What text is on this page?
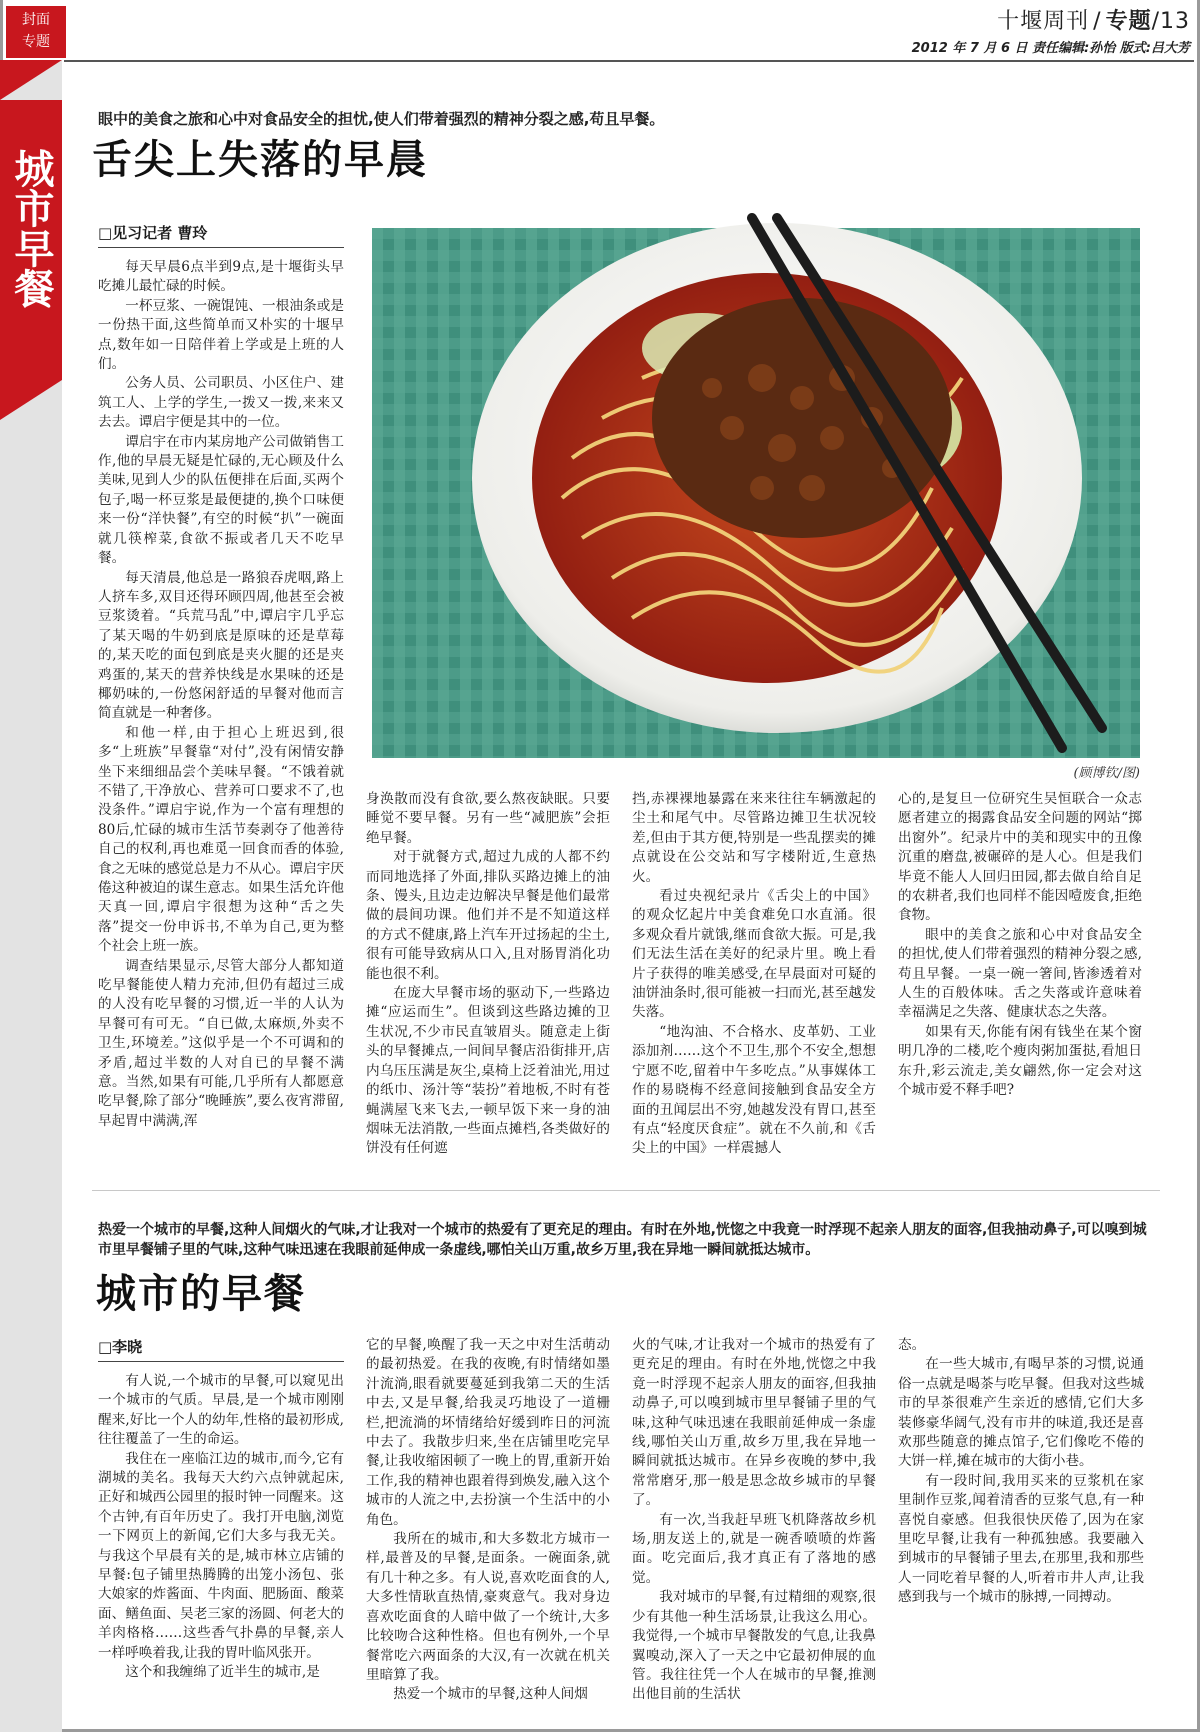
封面
专题
十堰周刊 / 专题/13
2012 年 7 月 6 日 责任编辑:孙怡 版式:吕大芳
城市早餐
眼中的美食之旅和心中对食品安全的担忧,使人们带着强烈的精神分裂之感,苟且早餐。
舌尖上失落的早晨
□见习记者 曹玲
(顾博钦/图)

每天早晨6点半到9点,是十堰街头早吃摊儿最忙碌的时候。

一杯豆浆、一碗馄饨、一根油条或是一份热干面,这些简单而又朴实的十堰早点,数年如一日陪伴着上学或是上班的人们。

公务人员、公司职员、小区住户、建筑工人、上学的学生,一拨又一拨,来来又去去。谭启宇便是其中的一位。

谭启宇在市内某房地产公司做销售工作,他的早晨无疑是忙碌的,无心顾及什么美味,见到人少的队伍便排在后面,买两个包子,喝一杯豆浆是最便捷的,换个口味便来一份“洋快餐”,有空的时候“扒”一碗面就几筷榨菜,食欲不振或者几天不吃早餐。

每天清晨,他总是一路狼吞虎咽,路上人挤车多,双目还得环顾四周,他甚至会被豆浆烫着。“兵荒马乱”中,谭启宇几乎忘了某天喝的牛奶到底是原味的还是草莓的,某天吃的面包到底是夹火腿的还是夹鸡蛋的,某天的营养快线是水果味的还是椰奶味的,一份悠闲舒适的早餐对他而言简直就是一种奢侈。

和他一样,由于担心上班迟到,很多“上班族”早餐靠“对付”,没有闲情安静坐下来细细品尝个美味早餐。“不饿着就不错了,干净放心、营养可口要求不了,也没条件。”谭启宇说,作为一个富有理想的80后,忙碌的城市生活节奏剥夺了他善待自己的权利,再也难觅一回食而香的体验,食之无味的感觉总是力不从心。谭启宇厌倦这种被迫的谋生意志。如果生活允许他天真一回,谭启宇很想为这种“舌之失落”提交一份申诉书,不单为自己,更为整个社会上班一族。

调查结果显示,尽管大部分人都知道吃早餐能使人精力充沛,但仍有超过三成的人没有吃早餐的习惯,近一半的人认为早餐可有可无。“自已做,太麻烦,外卖不卫生,环境差。”这似乎是一个不可调和的矛盾,超过半数的人对自已的早餐不满意。当然,如果有可能,几乎所有人都愿意吃早餐,除了部分“晚睡族”,要么夜宵滞留,早起胃中满满,浑

身涣散而没有食欲,要么熬夜缺眠。只要睡觉不要早餐。另有一些“减肥族”会拒绝早餐。

对于就餐方式,超过九成的人都不约而同地选择了外面,排队买路边摊上的油条、馒头,且边走边解决早餐是他们最常做的晨间功课。他们并不是不知道这样的方式不健康,路上汽车开过扬起的尘土,很有可能导致病从口入,且对肠胃消化功能也很不利。

在庞大早餐市场的驱动下,一些路边摊“应运而生”。但谈到这些路边摊的卫生状况,不少市民直皱眉头。随意走上街头的早餐摊点,一间间早餐店沿街排开,店内乌压压满是灰尘,桌椅上泛着油光,用过的纸巾、汤汁等“装扮”着地板,不时有苍蝇满屋飞来飞去,一顿早饭下来一身的油烟味无法消散,一些面点摊档,各类做好的饼没有任何遮

挡,赤裸裸地暴露在来来往往车辆激起的尘土和尾气中。尽管路边摊卫生状况较差,但由于其方便,特别是一些乱摆卖的摊点就设在公交站和写字楼附近,生意热火。

看过央视纪录片《舌尖上的中国》的观众忆起片中美食难免口水直涌。很多观众看片就饿,继而食欲大振。可是,我们无法生活在美好的纪录片里。晚上看片子获得的唯美感受,在早晨面对可疑的油饼油条时,很可能被一扫而光,甚至越发失落。

“地沟油、不合格水、皮革奶、工业添加剂……这个不卫生,那个不安全,想想宁愿不吃,留着中午多吃点。”从事媒体工作的易晓梅不经意间接触到食品安全方面的丑闻层出不穷,她越发没有胃口,甚至有点“轻度厌食症”。就在不久前,和《舌尖上的中国》一样震撼人

心的,是复旦一位研究生吴恒联合一众志愿者建立的揭露食品安全问题的网站“掷出窗外”。纪录片中的美和现实中的丑像沉重的磨盘,被碾碎的是人心。但是我们毕竟不能人人回归田园,都去做自给自足的农耕者,我们也同样不能因噎废食,拒绝食物。

眼中的美食之旅和心中对食品安全的担忧,使人们带着强烈的精神分裂之感,苟且早餐。一桌一碗一箸间,皆渗透着对人生的百般体味。舌之失落或许意味着幸福满足之失落、健康状态之失落。

如果有天,你能有闲有钱坐在某个窗明几净的二楼,吃个瘦肉粥加蛋挞,看旭日东升,彩云流走,美女翩然,你一定会对这个城市爱不释手吧?

热爱一个城市的早餐,这种人间烟火的气味,才让我对一个城市的热爱有了更充足的理由。有时在外地,恍惚之中我竟一时浮现不起亲人朋友的面容,但我抽动鼻子,可以嗅到城市里早餐铺子里的气味,这种气味迅速在我眼前延伸成一条虚线,哪怕关山万重,故乡万里,我在异地一瞬间就抵达城市。
城市的早餐
□李晓

有人说,一个城市的早餐,可以窥见出一个城市的气质。早晨,是一个城市刚刚醒来,好比一个人的幼年,性格的最初形成,往往覆盖了一生的命运。

我住在一座临江边的城市,而今,它有湖城的美名。我每天大约六点钟就起床,正好和城西公园里的报时钟一同醒来。这个古钟,有百年历史了。我打开电脑,浏览一下网页上的新闻,它们大多与我无关。与我这个早晨有关的是,城市林立店铺的早餐:包子铺里热腾腾的出笼小汤包、张大娘家的炸酱面、牛肉面、肥肠面、酸菜面、鳝鱼面、吴老三家的汤圆、何老大的羊肉格格……这些香气扑鼻的早餐,亲人一样呼唤着我,让我的胃叶临风张开。

这个和我缠绵了近半生的城市,是

它的早餐,唤醒了我一天之中对生活萌动的最初热爱。在我的夜晚,有时情绪如墨汁流淌,眼看就要蔓延到我第二天的生活中去,又是早餐,给我灵巧地设了一道栅栏,把流淌的坏情绪给好缓到昨日的河流中去了。我散步归来,坐在店铺里吃完早餐,让我收缩困顿了一晚上的胃,重新开始工作,我的精神也跟着得到焕发,融入这个城市的人流之中,去扮演一个生活中的小角色。

我所在的城市,和大多数北方城市一样,最普及的早餐,是面条。一碗面条,就有几十种之多。有人说,喜欢吃面食的人,大多性情耿直热情,豪爽意气。我对身边喜欢吃面食的人暗中做了一个统计,大多比较吻合这种性格。但也有例外,一个早餐常吃六两面条的大汉,有一次就在机关里暗算了我。

热爱一个城市的早餐,这种人间烟

火的气味,才让我对一个城市的热爱有了更充足的理由。有时在外地,恍惚之中我竟一时浮现不起亲人朋友的面容,但我抽动鼻子,可以嗅到城市里早餐铺子里的气味,这种气味迅速在我眼前延伸成一条虚线,哪怕关山万重,故乡万里,我在异地一瞬间就抵达城市。在异乡夜晚的梦中,我常常磨牙,那一般是思念故乡城市的早餐了。

有一次,当我赶早班飞机降落故乡机场,朋友送上的,就是一碗香喷喷的炸酱面。吃完面后,我才真正有了落地的感觉。

我对城市的早餐,有过精细的观察,很少有其他一种生活场景,让我这么用心。我觉得,一个城市早餐散发的气息,让我鼻翼嗅动,深入了一天之中它最初伸展的血管。我往往凭一个人在城市的早餐,推测出他目前的生活状

态。

在一些大城市,有喝早茶的习惯,说通俗一点就是喝茶与吃早餐。但我对这些城市的早茶很难产生亲近的感情,它们大多装修豪华阔气,没有市井的味道,我还是喜欢那些随意的摊点馆子,它们像吃不倦的大饼一样,摊在城市的大街小巷。

有一段时间,我用买来的豆浆机在家里制作豆浆,闻着清香的豆浆气息,有一种喜悦自豪感。但我很快厌倦了,因为在家里吃早餐,让我有一种孤独感。我要融入到城市的早餐铺子里去,在那里,我和那些人一同吃着早餐的人,听着市井人声,让我感到我与一个城市的脉搏,一同搏动。
